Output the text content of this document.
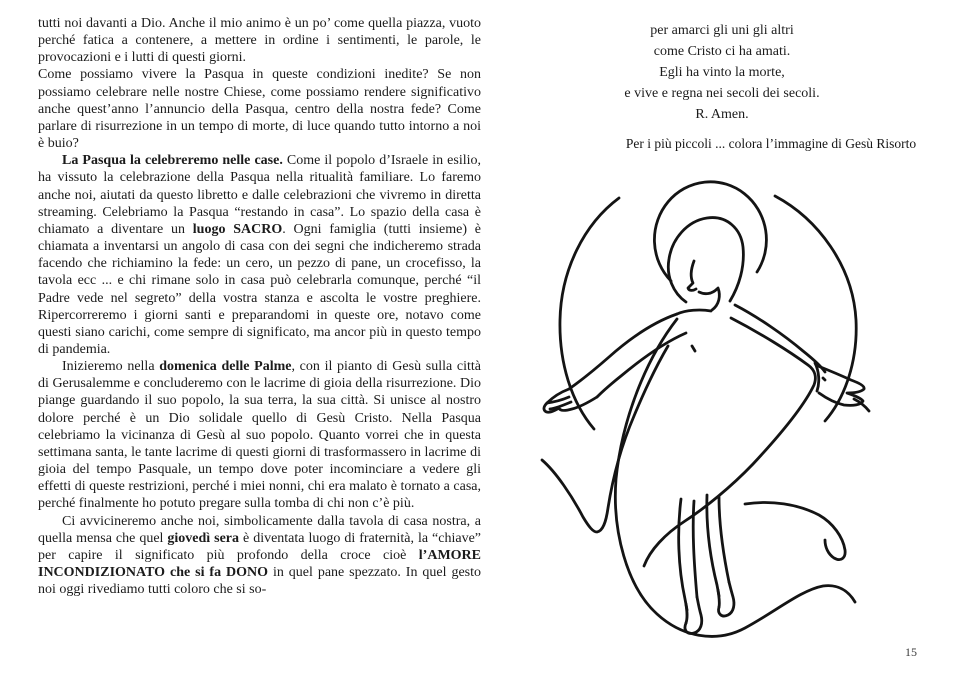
tutti noi davanti a Dio. Anche il mio animo è un po’ come quella piazza, vuoto perché fatica a contenere, a mettere in ordine i sentimenti, le parole, le provocazioni e i lutti di questi giorni.

Come possiamo vivere la Pasqua in queste condizioni inedite? Se non possiamo celebrare nelle nostre Chiese, come possiamo rendere significativo anche quest’anno l’annuncio della Pasqua, centro della nostra fede? Come parlare di risurrezione in un tempo di morte, di luce quando tutto intorno a noi è buio?

La Pasqua la celebreremo nelle case. Come il popolo d’Israele in esilio, ha vissuto la celebrazione della Pasqua nella ritualità familiare. Lo faremo anche noi, aiutati da questo libretto e dalle celebrazioni che vivremo in diretta streaming. Celebriamo la Pasqua “restando in casa”. Lo spazio della casa è chiamato a diventare un luogo SACRO. Ogni famiglia (tutti insieme) è chiamata a inventarsi un angolo di casa con dei segni che indicheremo strada facendo che richiamino la fede: un cero, un pezzo di pane, un crocefisso, la tavola ecc ... e chi rimane solo in casa può celebrarla comunque, perché “il Padre vede nel segreto” della vostra stanza e ascolta le vostre preghiere. Ripercorreremo i giorni santi e preparandomi in queste ore, notavo come questi siano carichi, come sempre di significato, ma ancor più in questo tempo di pandemia.

Inizieremo nella domenica delle Palme, con il pianto di Gesù sulla città di Gerusalemme e concluderemo con le lacrime di gioia della risurrezione. Dio piange guardando il suo popolo, la sua terra, la sua città. Si unisce al nostro dolore perché è un Dio solidale quello di Gesù Cristo. Nella Pasqua celebriamo la vicinanza di Gesù al suo popolo. Quanto vorrei che in questa settimana santa, le tante lacrime di questi giorni di trasformassero in lacrime di gioia del tempo Pasquale, un tempo dove poter incominciare a vedere gli effetti di queste restrizioni, perché i miei nonni, chi era malato è tornato a casa, perché finalmente ho potuto pregare sulla tomba di chi non c’è più.

Ci avvicineremo anche noi, simbolicamente dalla tavola di casa nostra, a quella mensa che quel giovedì sera è diventata luogo di fraternità, la “chiave” per capire il significato più profondo della croce cioè l’AMORE INCONDIZIONATO che si fa DONO in quel pane spezzato. In quel gesto noi oggi rivediamo tutti coloro che si so-

per amarci gli uni gli altri
come Cristo ci ha amati.
Egli ha vinto la morte,
e vive e regna nei secoli dei secoli.
R. Amen.
Per i più piccoli ... colora l’immagine di Gesù Risorto
15
